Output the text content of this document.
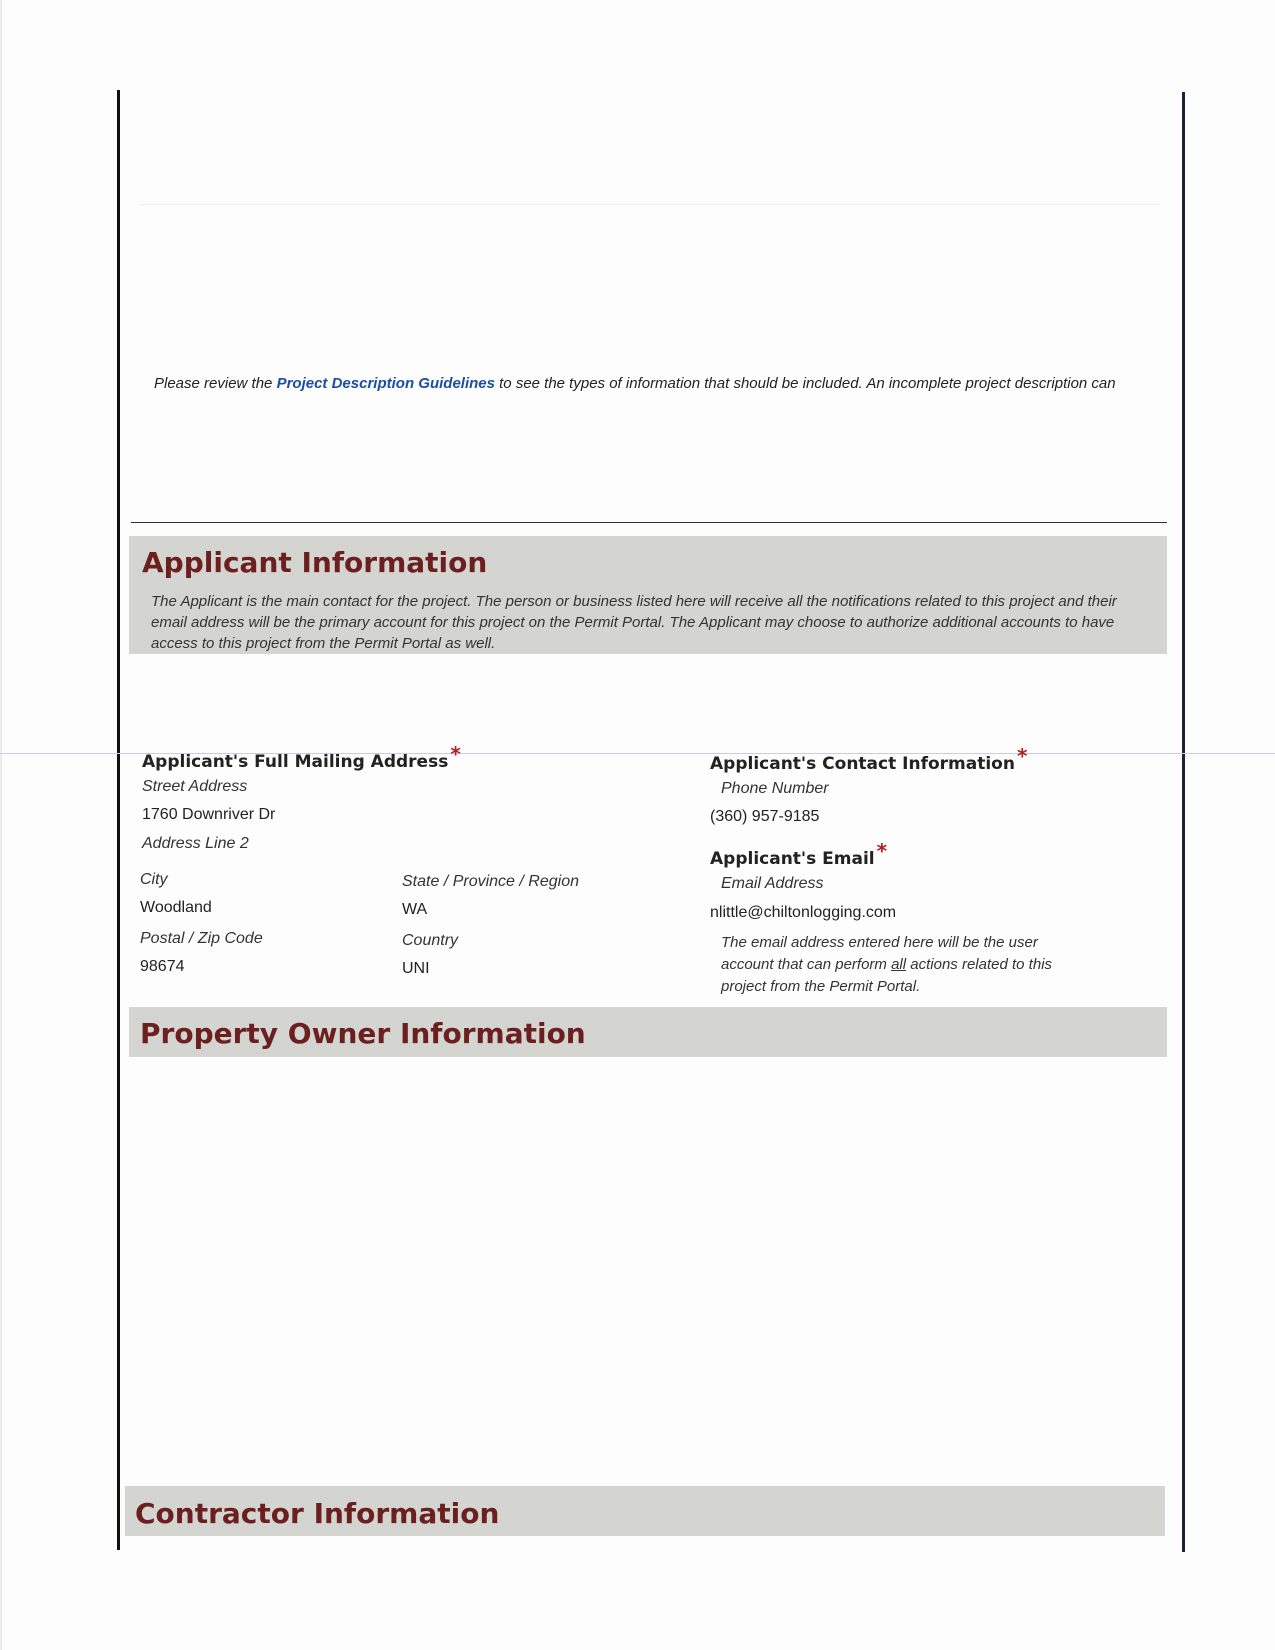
Please review the Project Description Guidelines to see the types of information that should be included. An incomplete project description can
Applicant Information
The Applicant is the main contact for the project. The person or business listed here will receive all the notifications related to this project and their email address will be the primary account for this project on the Permit Portal. The Applicant may choose to authorize additional accounts to have access to this project from the Permit Portal as well.
Applicant's Full Mailing Address *
Street Address
1760 Downriver Dr
Address Line 2
City
Woodland
State / Province / Region
WA
Postal / Zip Code
98674
Country
UNI
Applicant's Contact Information *
Phone Number
(360) 957-9185
Applicant's Email *
Email Address
nlittle@chiltonlogging.com
The email address entered here will be the user account that can perform all actions related to this project from the Permit Portal.
Property Owner Information
Contractor Information
